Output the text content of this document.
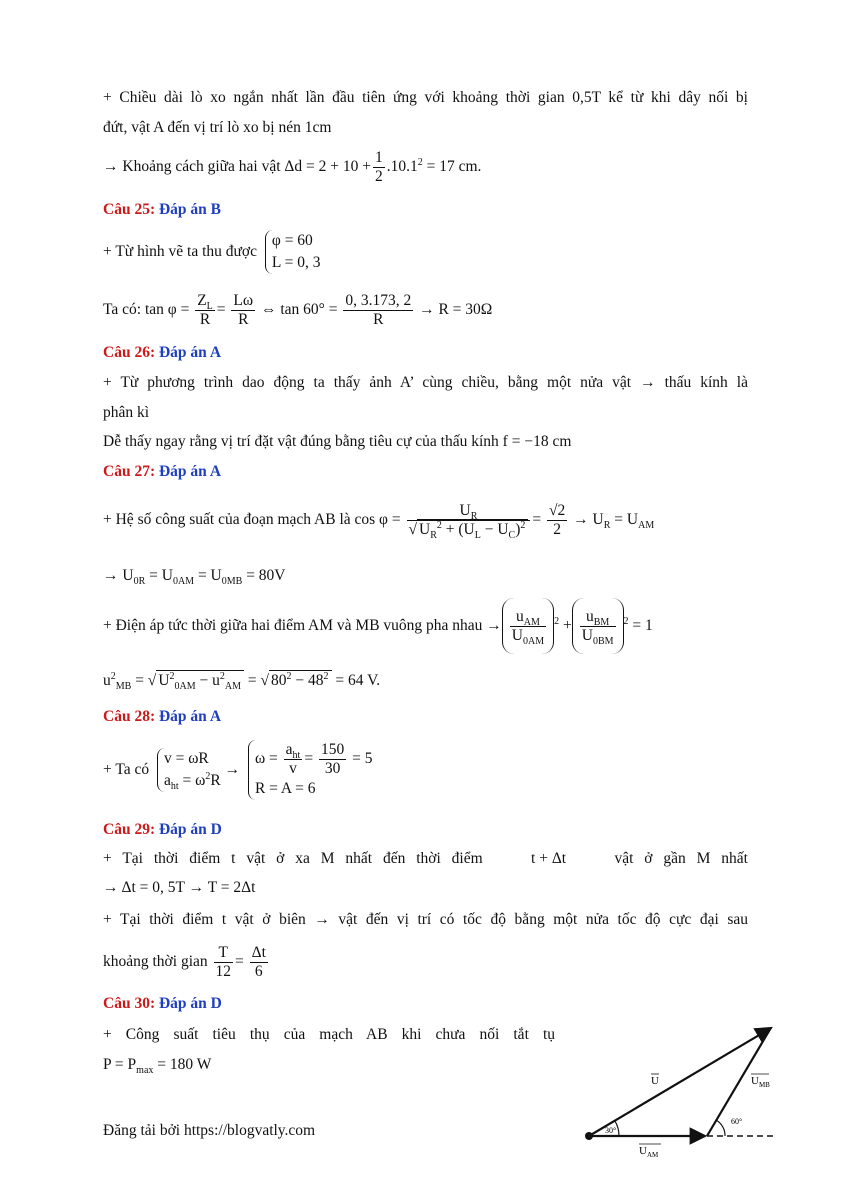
+ Chiều dài lò xo ngắn nhất lần đầu tiên ứng với khoảng thời gian 0,5T kể từ khi dây nối bị
đứt, vật A đến vị trí lò xo bị nén 1cm
→ Khoảng cách giữa hai vật $\Delta d = 2 + 10 + \frac{1}{2} .10.1^2 = 17$ cm.
Câu 25: Đáp án B
+ Từ hình vẽ ta thu được
φ = 60
L = 0, 3
Ta có: $\tan \varphi = \frac{Z_L}{R} = \frac{L\omega}{R}$ ⇔ $\tan 60^\circ = \frac{0, 3.173, 2}{R} \to R = 30\Omega$
Câu 26: Đáp án A
+ Từ phương trình dao động ta thấy ảnh A’ cùng chiều, bằng một nửa vật → thấu kính là
phân kì
Dễ thấy ngay rằng vị trí đặt vật đúng bằng tiêu cự của thấu kính f = −18 cm
Câu 27: Đáp án A
+ Hệ số công suất của đoạn mạch AB là $\cos \varphi = \frac{U_R}{√ U_R^2 + (U_L - U_C)^2} = \frac{√2}{2} \to U_R = U_{AM}$
→ $U_{0R} = U_{0AM} = U_{0MB} = 80V$
+ Điện áp tức thời giữa hai điểm AM và MB vuông pha nhau → $\frac{u_{AM}}{U_{0AM}} ^2 + \frac{u_{BM}}{U_{0BM}} ^2 = 1$
$u^2_{MB}$ = √ $U^2_{0AM} - u^2_{AM}$ = √ $80^2 - 48^2 = 64$ V.
Câu 28: Đáp án A
+ Ta có
v = ωR
$a_{ht} = \omega^2R$
→
$\omega = \frac{a_{ht}}{v} = \frac{150}{30} = 5$
R = A = 6
Câu 29: Đáp án D
+ Tại thời điểm t vật ở xa M nhất đến thời điểm	t + Δt	vật ở gần M nhất
→ Δt = 0, 5T → T = 2Δt
+ Tại thời điểm t vật ở biên → vật đến vị trí có tốc độ bằng một nửa tốc độ cực đại sau
khoảng thời gian $\frac{T}{12} = \frac{\Delta t}{6}$
Câu 30: Đáp án D
+ Công suất tiêu thụ của mạch AB khi chưa nối tắt tụ
$P = P_{max} = 180$ W
U	$U_{MB}$
$U_{AM}$
30°
60°
Đăng tải bởi https://blogvatly.com
